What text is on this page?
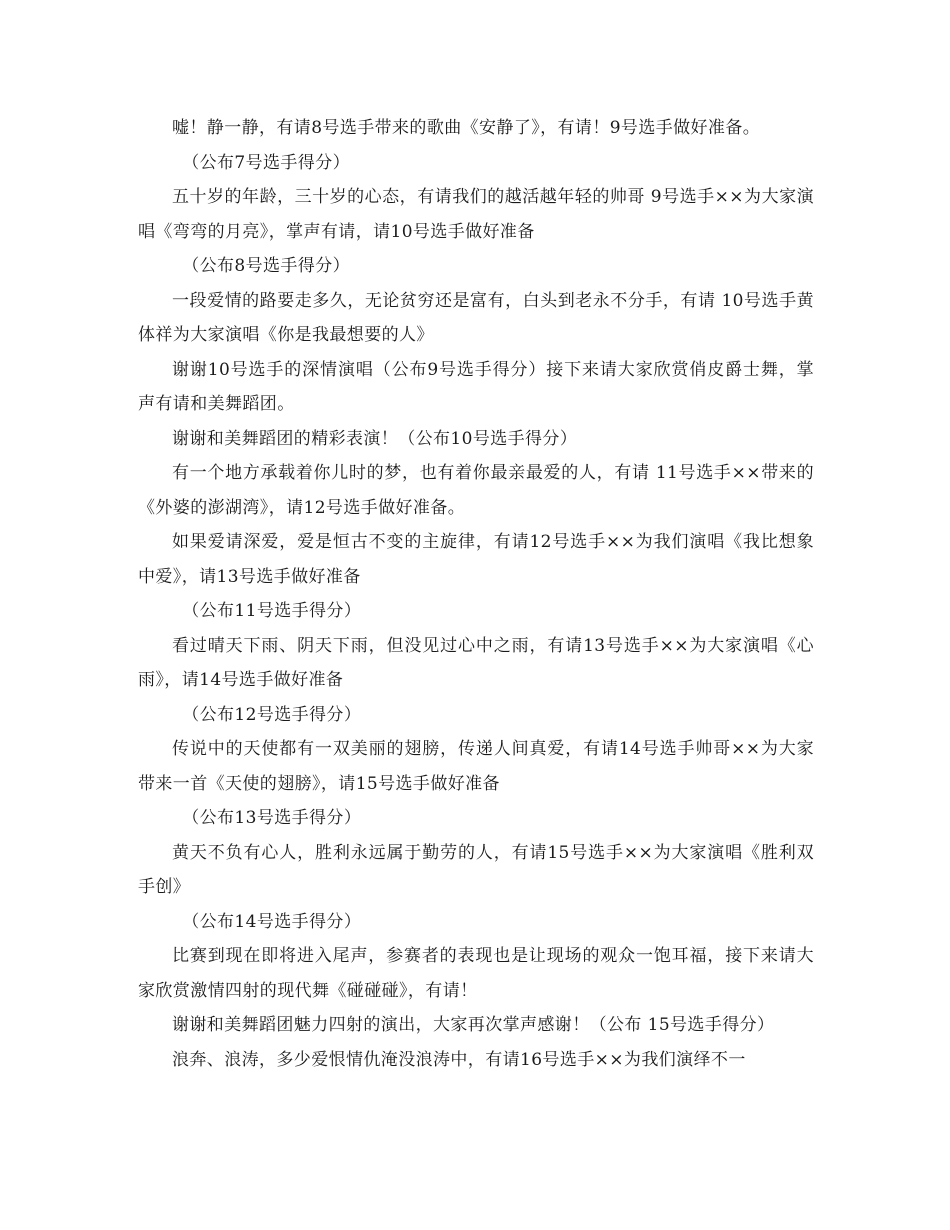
嘘！静一静，有请8号选手带来的歌曲《安静了》，有请！9号选手做好准备。

（公布7号选手得分）

五十岁的年龄，三十岁的心态，有请我们的越活越年轻的帅哥 9号选手××为大家演唱《弯弯的月亮》，掌声有请，请10号选手做好准备

（公布8号选手得分）

一段爱情的路要走多久，无论贫穷还是富有，白头到老永不分手，有请 10号选手黄体祥为大家演唱《你是我最想要的人》

谢谢10号选手的深情演唱（公布9号选手得分）接下来请大家欣赏俏皮爵士舞，掌声有请和美舞蹈团。

谢谢和美舞蹈团的精彩表演！（公布10号选手得分）

有一个地方承载着你儿时的梦，也有着你最亲最爱的人，有请 11号选手××带来的《外婆的澎湖湾》，请12号选手做好准备。

如果爱请深爱，爱是恒古不变的主旋律，有请12号选手××为我们演唱《我比想象中爱》，请13号选手做好准备

（公布11号选手得分）

看过晴天下雨、阴天下雨，但没见过心中之雨，有请13号选手××为大家演唱《心雨》，请14号选手做好准备

（公布12号选手得分）

传说中的天使都有一双美丽的翅膀，传递人间真爱，有请14号选手帅哥××为大家带来一首《天使的翅膀》，请15号选手做好准备

（公布13号选手得分）

黄天不负有心人，胜利永远属于勤劳的人，有请15号选手××为大家演唱《胜利双手创》

（公布14号选手得分）

比赛到现在即将进入尾声，参赛者的表现也是让现场的观众一饱耳福，接下来请大家欣赏激情四射的现代舞《碰碰碰》，有请！

谢谢和美舞蹈团魅力四射的演出，大家再次掌声感谢！（公布 15号选手得分）

浪奔、浪涛，多少爱恨情仇淹没浪涛中，有请16号选手××为我们演绎不一
